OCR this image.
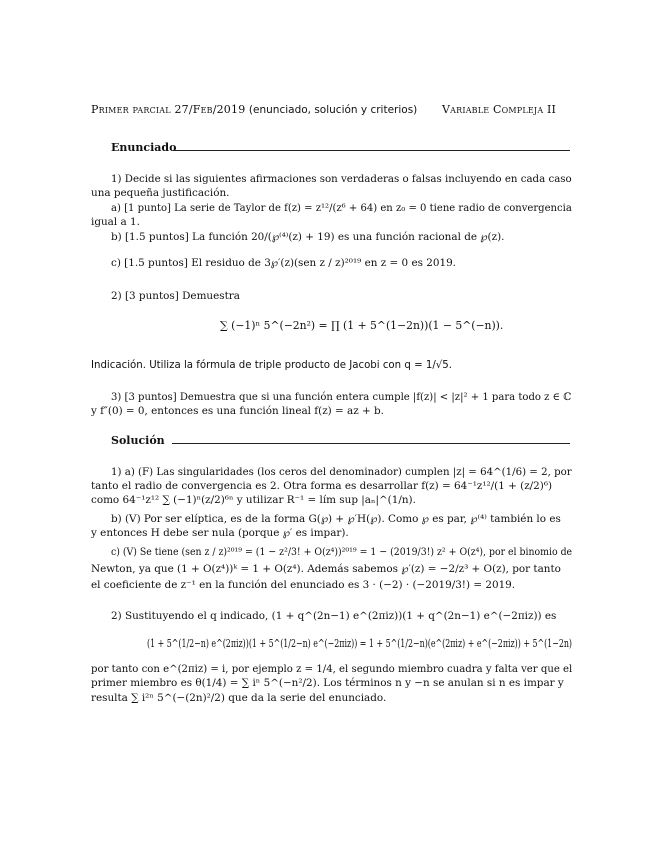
Primer parcial 27/Feb/2019 (enunciado, solución y criterios) Variable Compleja II
Enunciado
1) Decide si las siguientes afirmaciones son verdaderas o falsas incluyendo en cada caso
una pequeña justificación.
a) [1 punto] La serie de Taylor de f(z) = z¹²/(z⁶ + 64) en z₀ = 0 tiene radio de convergencia
igual a 1.
b) [1.5 puntos] La función 20/(℘⁽⁴⁾(z) + 19) es una función racional de ℘(z).
c) [1.5 puntos] El residuo de 3℘′(z)(sen z / z)²⁰¹⁹ en z = 0 es 2019.
2) [3 puntos] Demuestra
∑ (−1)ⁿ 5^(−2n²) = ∏ (1 + 5^(1−2n))(1 − 5^(−n)).
Indicación. Utiliza la fórmula de triple producto de Jacobi con q = 1/√5.
3) [3 puntos] Demuestra que si una función entera cumple |f(z)| < |z|² + 1 para todo z ∈ ℂ
y f″(0) = 0, entonces es una función lineal f(z) = az + b.
Solución
1) a) (F) Las singularidades (los ceros del denominador) cumplen |z| = 64^(1/6) = 2, por
tanto el radio de convergencia es 2. Otra forma es desarrollar f(z) = 64⁻¹z¹²/(1 + (z/2)⁶)
como 64⁻¹z¹² ∑ (−1)ⁿ(z/2)⁶ⁿ y utilizar R⁻¹ = lím sup |aₙ|^(1/n).
b) (V) Por ser elíptica, es de la forma G(℘) + ℘′H(℘). Como ℘ es par, ℘⁽⁴⁾ también lo es
y entonces H debe ser nula (porque ℘′ es impar).
c) (V) Se tiene (sen z / z)²⁰¹⁹ = (1 − z²/3! + O(z⁴))²⁰¹⁹ = 1 − (2019/3!) z² + O(z⁴), por el binomio de
Newton, ya que (1 + O(z⁴))ᵏ = 1 + O(z⁴). Además sabemos ℘′(z) = −2/z³ + O(z), por tanto
el coeficiente de z⁻¹ en la función del enunciado es 3 · (−2) · (−2019/3!) = 2019.
2) Sustituyendo el q indicado, (1 + q^(2n−1) e^(2πiz))(1 + q^(2n−1) e^(−2πiz)) es
(1 + 5^(1/2−n) e^(2πiz))(1 + 5^(1/2−n) e^(−2πiz)) = 1 + 5^(1/2−n)(e^(2πiz) + e^(−2πiz)) + 5^(1−2n)
por tanto con e^(2πiz) = i, por ejemplo z = 1/4, el segundo miembro cuadra y falta ver que el
primer miembro es θ(1/4) = ∑ iⁿ 5^(−n²/2). Los términos n y −n se anulan si n es impar y
resulta ∑ i²ⁿ 5^(−(2n)²/2) que da la serie del enunciado.
